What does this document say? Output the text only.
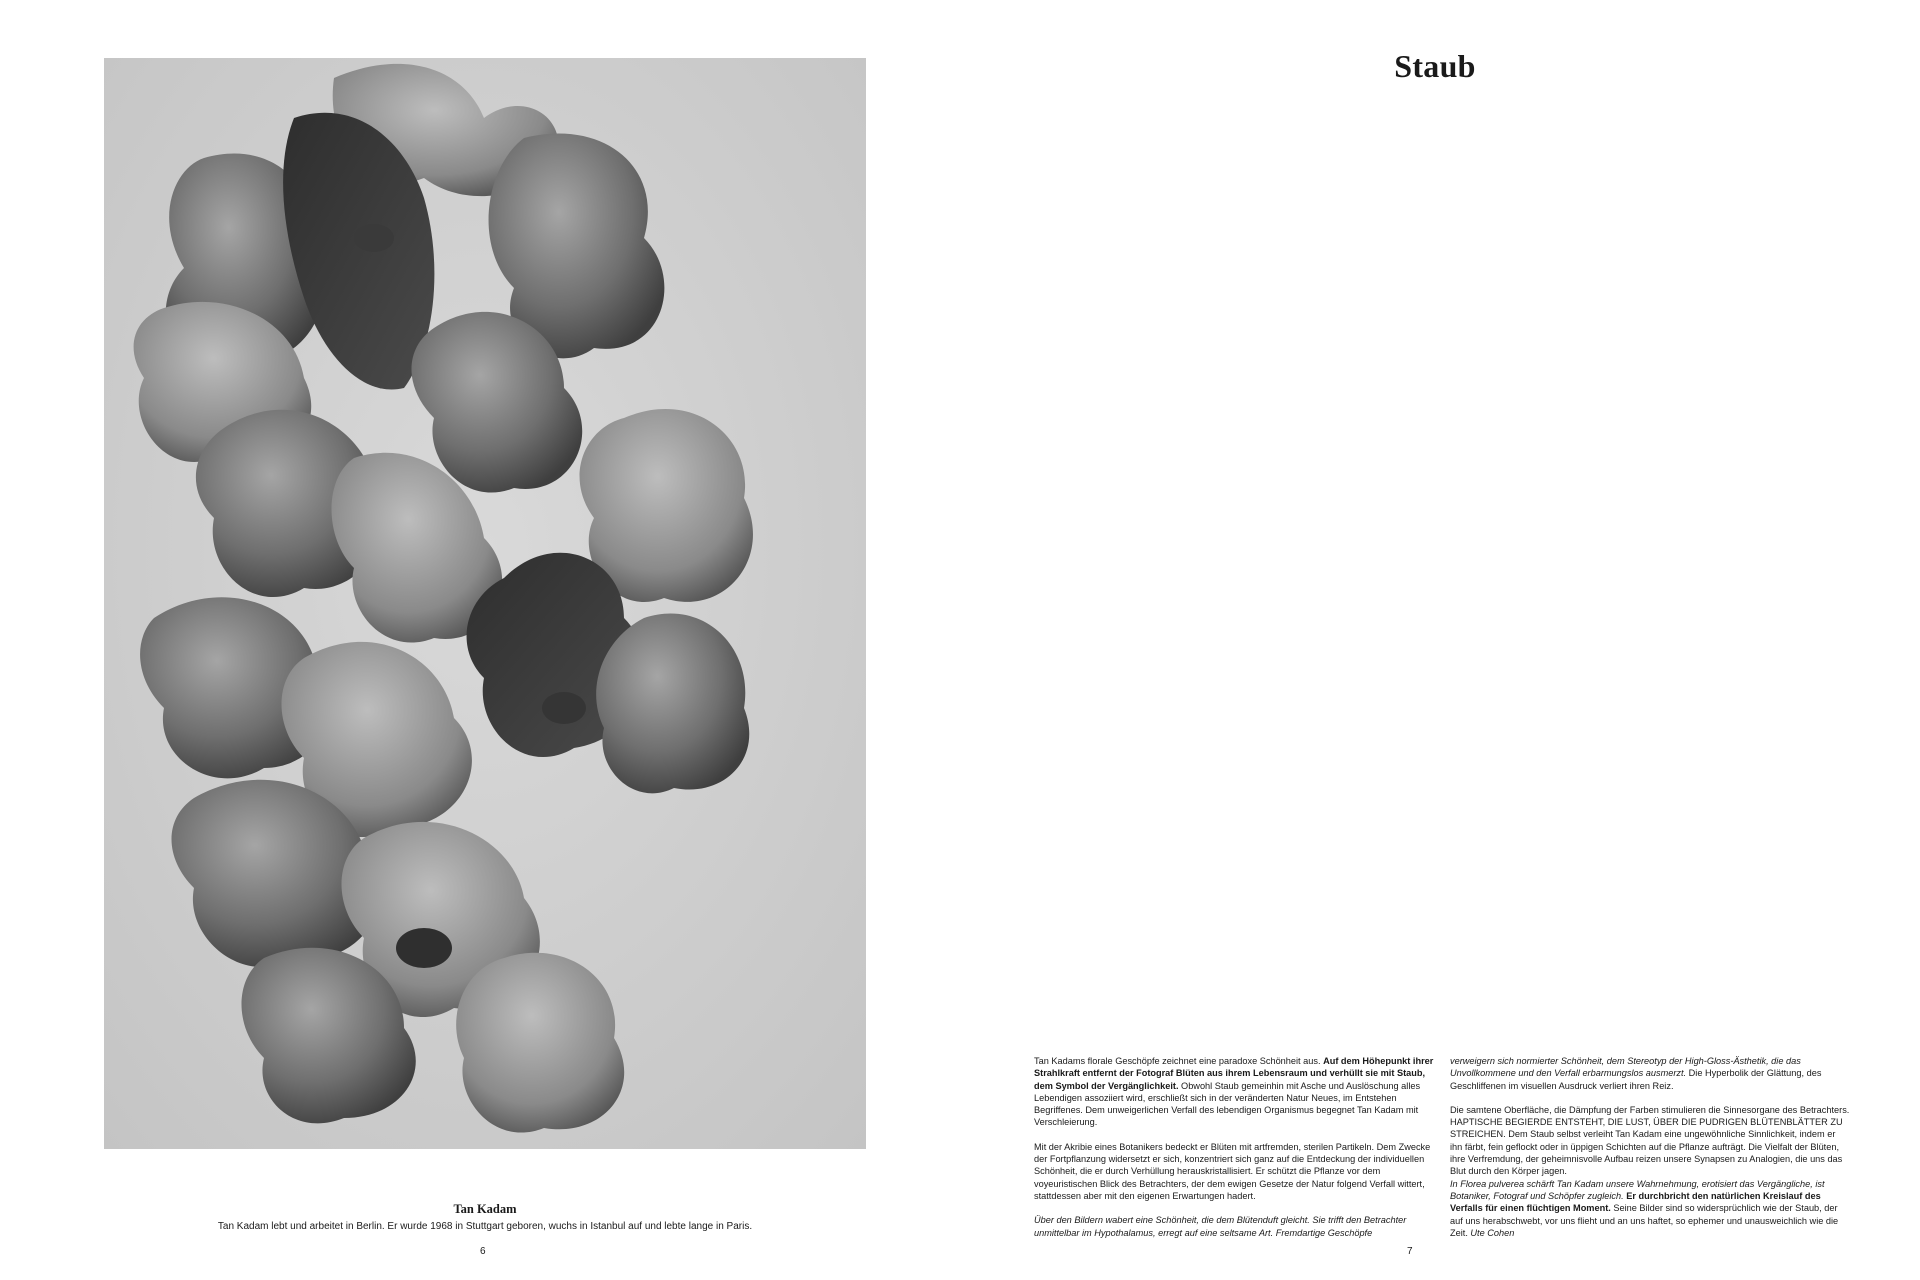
Tan Kadam
Tan Kadam lebt und arbeitet in Berlin. Er wurde 1968 in Stuttgart geboren, wuchs in Istanbul auf und lebte lange in Paris.
6
Staub

Tan Kadams florale Geschöpfe zeichnet eine paradoxe Schönheit aus. Auf dem Höhepunkt ihrer Strahlkraft entfernt der Fotograf Blüten aus ihrem Lebensraum und verhüllt sie mit Staub, dem Symbol der Vergänglichkeit. Obwohl Staub gemeinhin mit Asche und Auslöschung alles Lebendigen assoziiert wird, erschließt sich in der veränderten Natur Neues, im Entstehen Begriffenes. Dem unweigerlichen Verfall des lebendigen Organismus begegnet Tan Kadam mit Verschleierung.

Mit der Akribie eines Botanikers bedeckt er Blüten mit artfremden, sterilen Partikeln. Dem Zwecke der Fortpflanzung widersetzt er sich, konzentriert sich ganz auf die Entdeckung der individuellen Schönheit, die er durch Verhüllung herauskristallisiert. Er schützt die Pflanze vor dem voyeuristischen Blick des Betrachters, der dem ewigen Gesetze der Natur folgend Verfall wittert, stattdessen aber mit den eigenen Erwartungen hadert.

Über den Bildern wabert eine Schönheit, die dem Blütenduft gleicht. Sie trifft den Betrachter unmittelbar im Hypothalamus, erregt auf eine seltsame Art. Fremdartige Geschöpfe

verweigern sich normierter Schönheit, dem Stereotyp der High-Gloss-Ästhetik, die das Unvollkommene und den Verfall erbarmungslos ausmerzt. Die Hyperbolik der Glättung, des Geschliffenen im visuellen Ausdruck verliert ihren Reiz.

Die samtene Oberfläche, die Dämpfung der Farben stimulieren die Sinnesorgane des Betrachters. HAPTISCHE BEGIERDE ENTSTEHT, DIE LUST, ÜBER DIE PUDRIGEN BLÜTENBLÄTTER ZU STREICHEN. Dem Staub selbst verleiht Tan Kadam eine ungewöhnliche Sinnlichkeit, indem er ihn färbt, fein geflockt oder in üppigen Schichten auf die Pflanze aufträgt. Die Vielfalt der Blüten, ihre Verfremdung, der geheimnisvolle Aufbau reizen unsere Synapsen zu Analogien, die uns das Blut durch den Körper jagen.

In Florea pulverea schärft Tan Kadam unsere Wahrnehmung, erotisiert das Vergängliche, ist Botaniker, Fotograf und Schöpfer zugleich. Er durchbricht den natürlichen Kreislauf des Verfalls für einen flüchtigen Moment. Seine Bilder sind so widersprüchlich wie der Staub, der auf uns herabschwebt, vor uns flieht und an uns haftet, so ephemer und unausweichlich wie die Zeit. Ute Cohen

7
